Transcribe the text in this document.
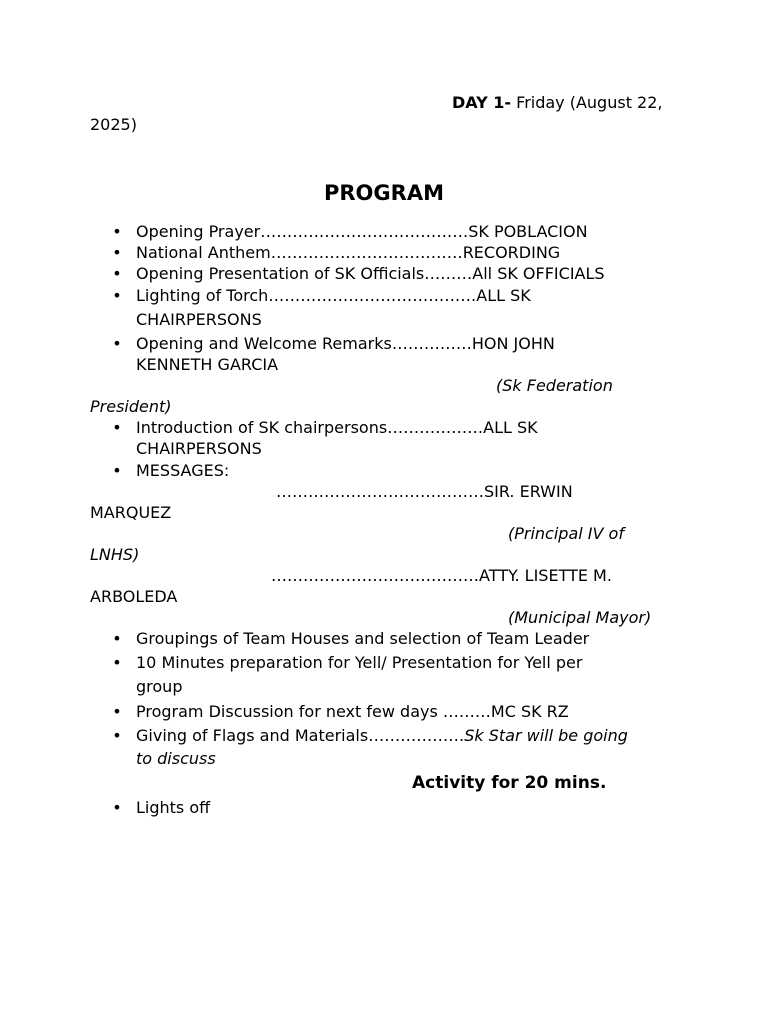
DAY 1- Friday (August 22,
2025)
PROGRAM
• Opening Prayer…………………………………SK POBLACION
• National Anthem………………………………RECORDING
• Opening Presentation of SK Officials………All SK OFFICIALS
• Lighting of Torch…………………………………ALL SK
CHAIRPERSONS
• Opening and Welcome Remarks……………HON JOHN
KENNETH GARCIA
(Sk Federation
President)
• Introduction of SK chairpersons………………ALL SK
CHAIRPERSONS
• MESSAGES:
…………………………………SIR. ERWIN
MARQUEZ
(Principal IV of
LNHS)
…………………………………ATTY. LISETTE M.
ARBOLEDA
(Municipal Mayor)
• Groupings of Team Houses and selection of Team Leader
• 10 Minutes preparation for Yell/ Presentation for Yell per
group
• Program Discussion for next few days ………MC SK RZ
• Giving of Flags and Materials………………Sk Star will be going
to discuss
Activity for 20 mins.
• Lights off
